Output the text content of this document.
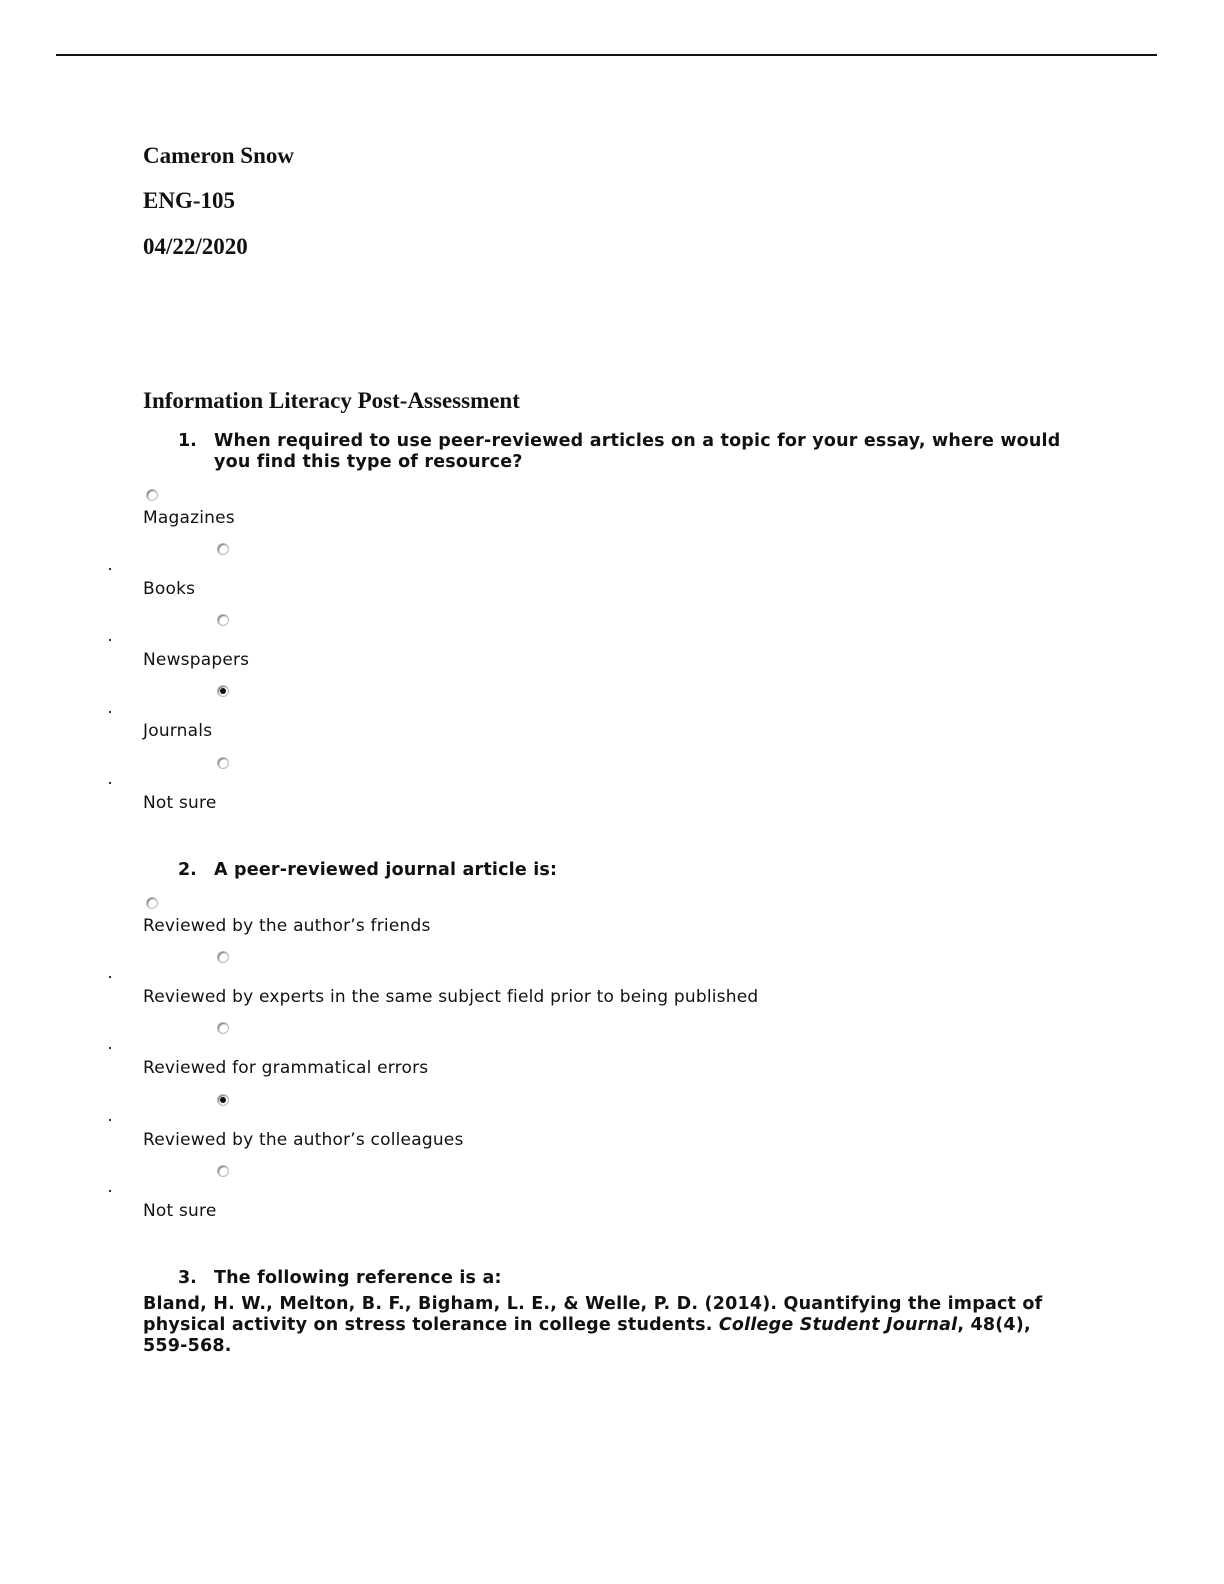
Cameron Snow

ENG-105

04/22/2020

Information Literacy Post-Assessment
1. When required to use peer-reviewed articles on a topic for your essay, where would you find this type of resource?
Magazines
Books
Newspapers
Journals
Not sure
2. A peer-reviewed journal article is:
Reviewed by the author’s friends
Reviewed by experts in the same subject field prior to being published
Reviewed for grammatical errors
Reviewed by the author’s colleagues
Not sure
3. The following reference is a:

Bland, H. W., Melton, B. F., Bigham, L. E., & Welle, P. D. (2014). Quantifying the impact of physical activity on stress tolerance in college students. College Student Journal, 48(4), 559-568.
